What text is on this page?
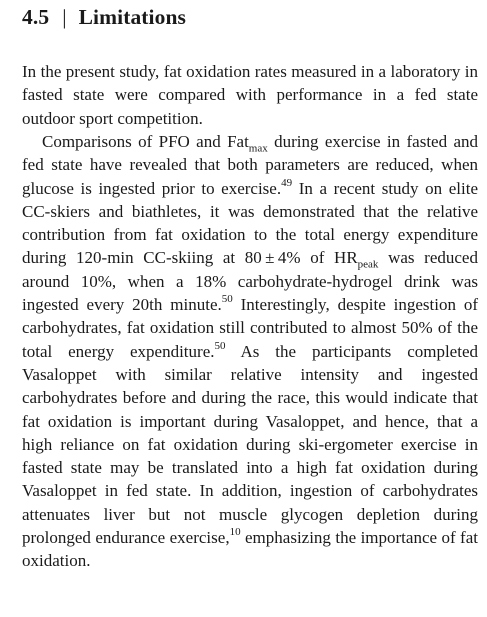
4.5 | Limitations

In the present study, fat oxidation rates measured in a laboratory in fasted state were compared with performance in a fed state outdoor sport competition.

Comparisons of PFO and Fat$_{max}$ during exercise in fasted and fed state have revealed that both parameters are reduced, when glucose is ingested prior to exercise.$^{49}$ In a recent study on elite CC-skiers and biathletes, it was demonstrated that the relative contribution from fat oxidation to the total energy expenditure during 120-min CC-skiing at 80 ± 4% of $HR_{peak}$ was reduced around 10%, when a 18% carbohydrate-hydrogel drink was ingested every 20th minute.$^{50}$ Interestingly, despite ingestion of carbohydrates, fat oxidation still contributed to almost 50% of the total energy expenditure.$^{50}$ As the participants completed Vasaloppet with similar relative intensity and ingested carbohydrates before and during the race, this would indicate that fat oxidation is important during Vasaloppet, and hence, that a high reliance on fat oxidation during ski-ergometer exercise in fasted state may be translated into a high fat oxidation during Vasaloppet in fed state. In addition, ingestion of carbohydrates attenuates liver but not muscle glycogen depletion during prolonged endurance exercise,$^{10}$ emphasizing the importance of fat oxidation.
